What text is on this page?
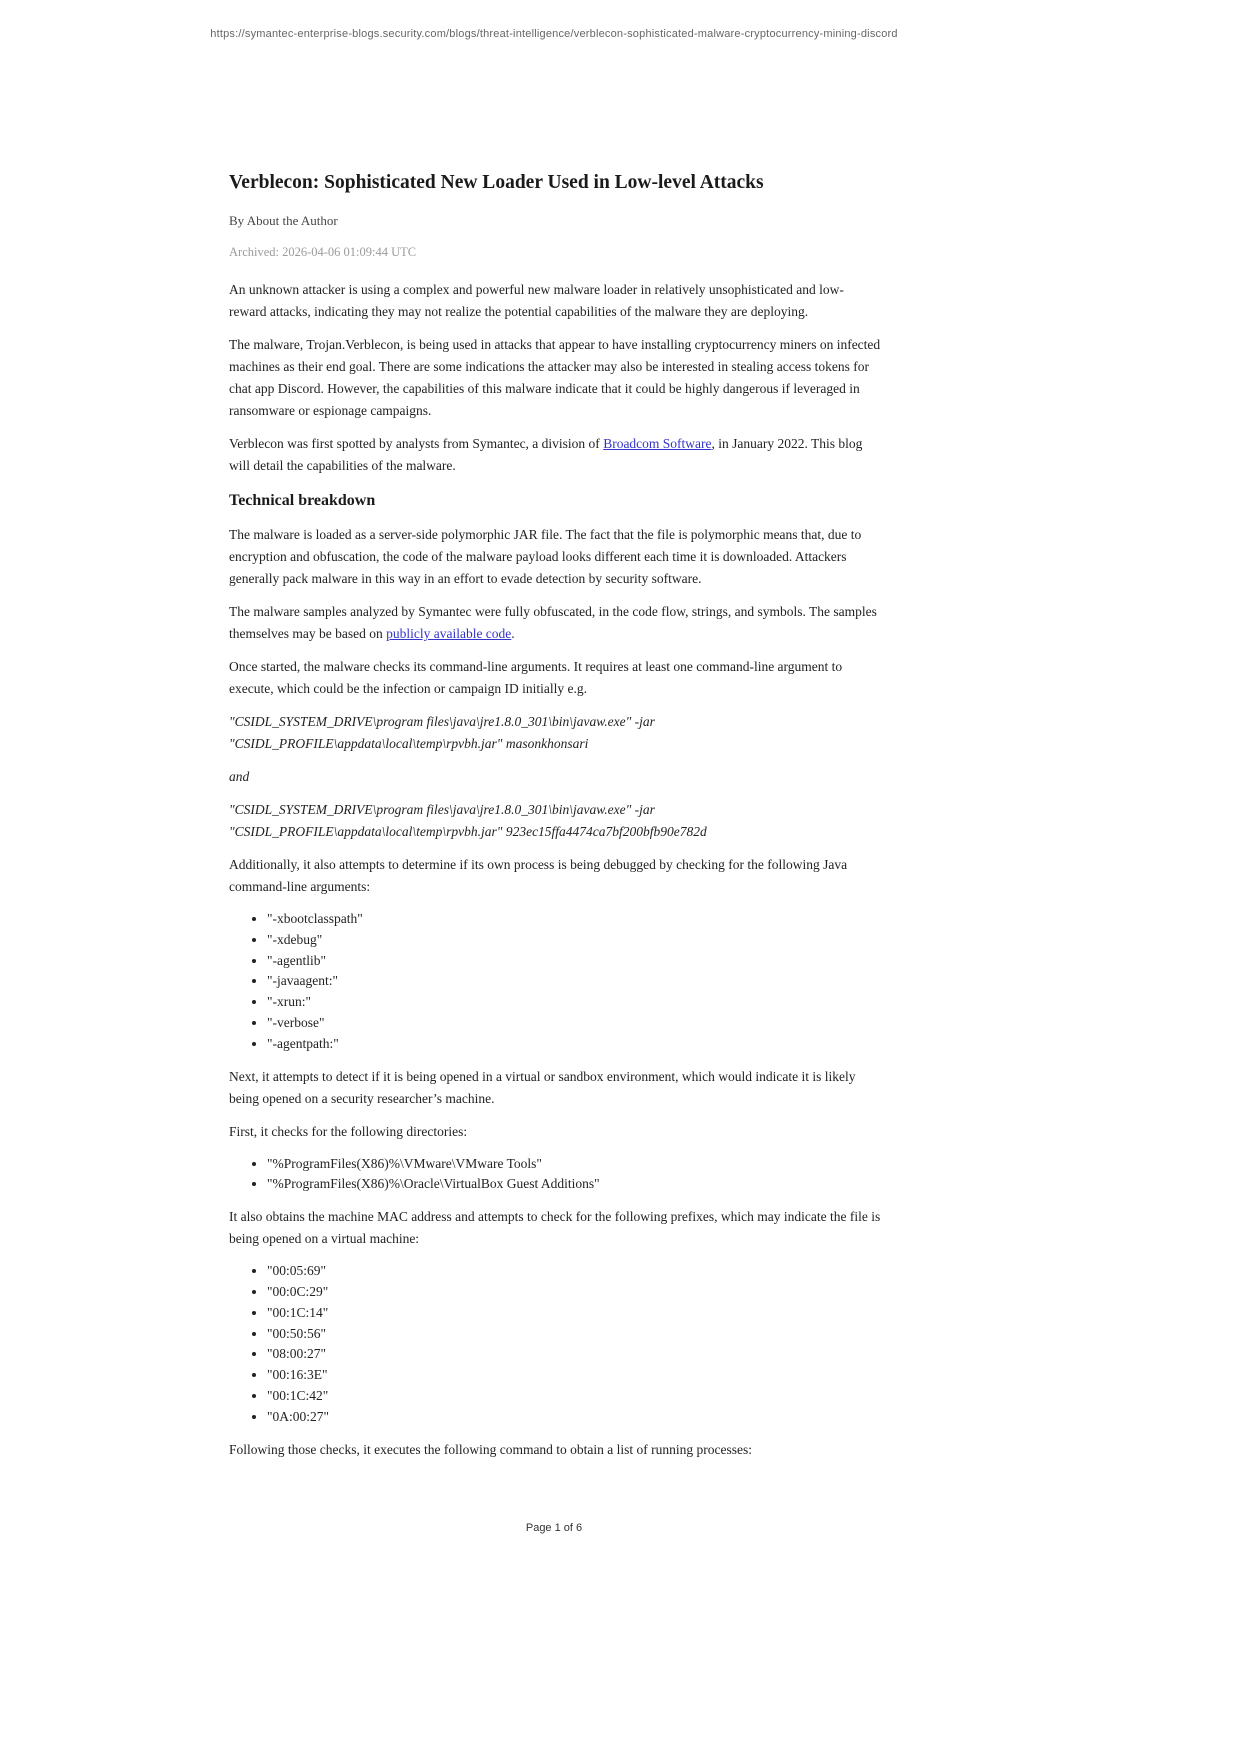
https://symantec-enterprise-blogs.security.com/blogs/threat-intelligence/verblecon-sophisticated-malware-cryptocurrency-mining-discord
Verblecon: Sophisticated New Loader Used in Low-level Attacks
By About the Author
Archived: 2026-04-06 01:09:44 UTC

An unknown attacker is using a complex and powerful new malware loader in relatively unsophisticated and low-reward attacks, indicating they may not realize the potential capabilities of the malware they are deploying.

The malware, Trojan.Verblecon, is being used in attacks that appear to have installing cryptocurrency miners on infected machines as their end goal. There are some indications the attacker may also be interested in stealing access tokens for chat app Discord. However, the capabilities of this malware indicate that it could be highly dangerous if leveraged in ransomware or espionage campaigns.

Verblecon was first spotted by analysts from Symantec, a division of Broadcom Software, in January 2022. This blog will detail the capabilities of the malware.

Technical breakdown

The malware is loaded as a server-side polymorphic JAR file. The fact that the file is polymorphic means that, due to encryption and obfuscation, the code of the malware payload looks different each time it is downloaded. Attackers generally pack malware in this way in an effort to evade detection by security software.

The malware samples analyzed by Symantec were fully obfuscated, in the code flow, strings, and symbols. The samples themselves may be based on publicly available code.

Once started, the malware checks its command-line arguments. It requires at least one command-line argument to execute, which could be the infection or campaign ID initially e.g.

"CSIDL_SYSTEM_DRIVE\program files\java\jre1.8.0_301\bin\javaw.exe" -jar
"CSIDL_PROFILE\appdata\local\temp\rpvbh.jar" masonkhonsari
and
"CSIDL_SYSTEM_DRIVE\program files\java\jre1.8.0_301\bin\javaw.exe" -jar
"CSIDL_PROFILE\appdata\local\temp\rpvbh.jar" 923ec15ffa4474ca7bf200bfb90e782d

Additionally, it also attempts to determine if its own process is being debugged by checking for the following Java command-line arguments:

• "-xbootclasspath"
• "-xdebug"
• "-agentlib"
• "-javaagent:"
• "-xrun:"
• "-verbose"
• "-agentpath:"

Next, it attempts to detect if it is being opened in a virtual or sandbox environment, which would indicate it is likely being opened on a security researcher’s machine.

First, it checks for the following directories:

• "%ProgramFiles(X86)%\VMware\VMware Tools"
• "%ProgramFiles(X86)%\Oracle\VirtualBox Guest Additions"

It also obtains the machine MAC address and attempts to check for the following prefixes, which may indicate the file is being opened on a virtual machine:

• "00:05:69"
• "00:0C:29"
• "00:1C:14"
• "00:50:56"
• "08:00:27"
• "00:16:3E"
• "00:1C:42"
• "0A:00:27"

Following those checks, it executes the following command to obtain a list of running processes:

Page 1 of 6
